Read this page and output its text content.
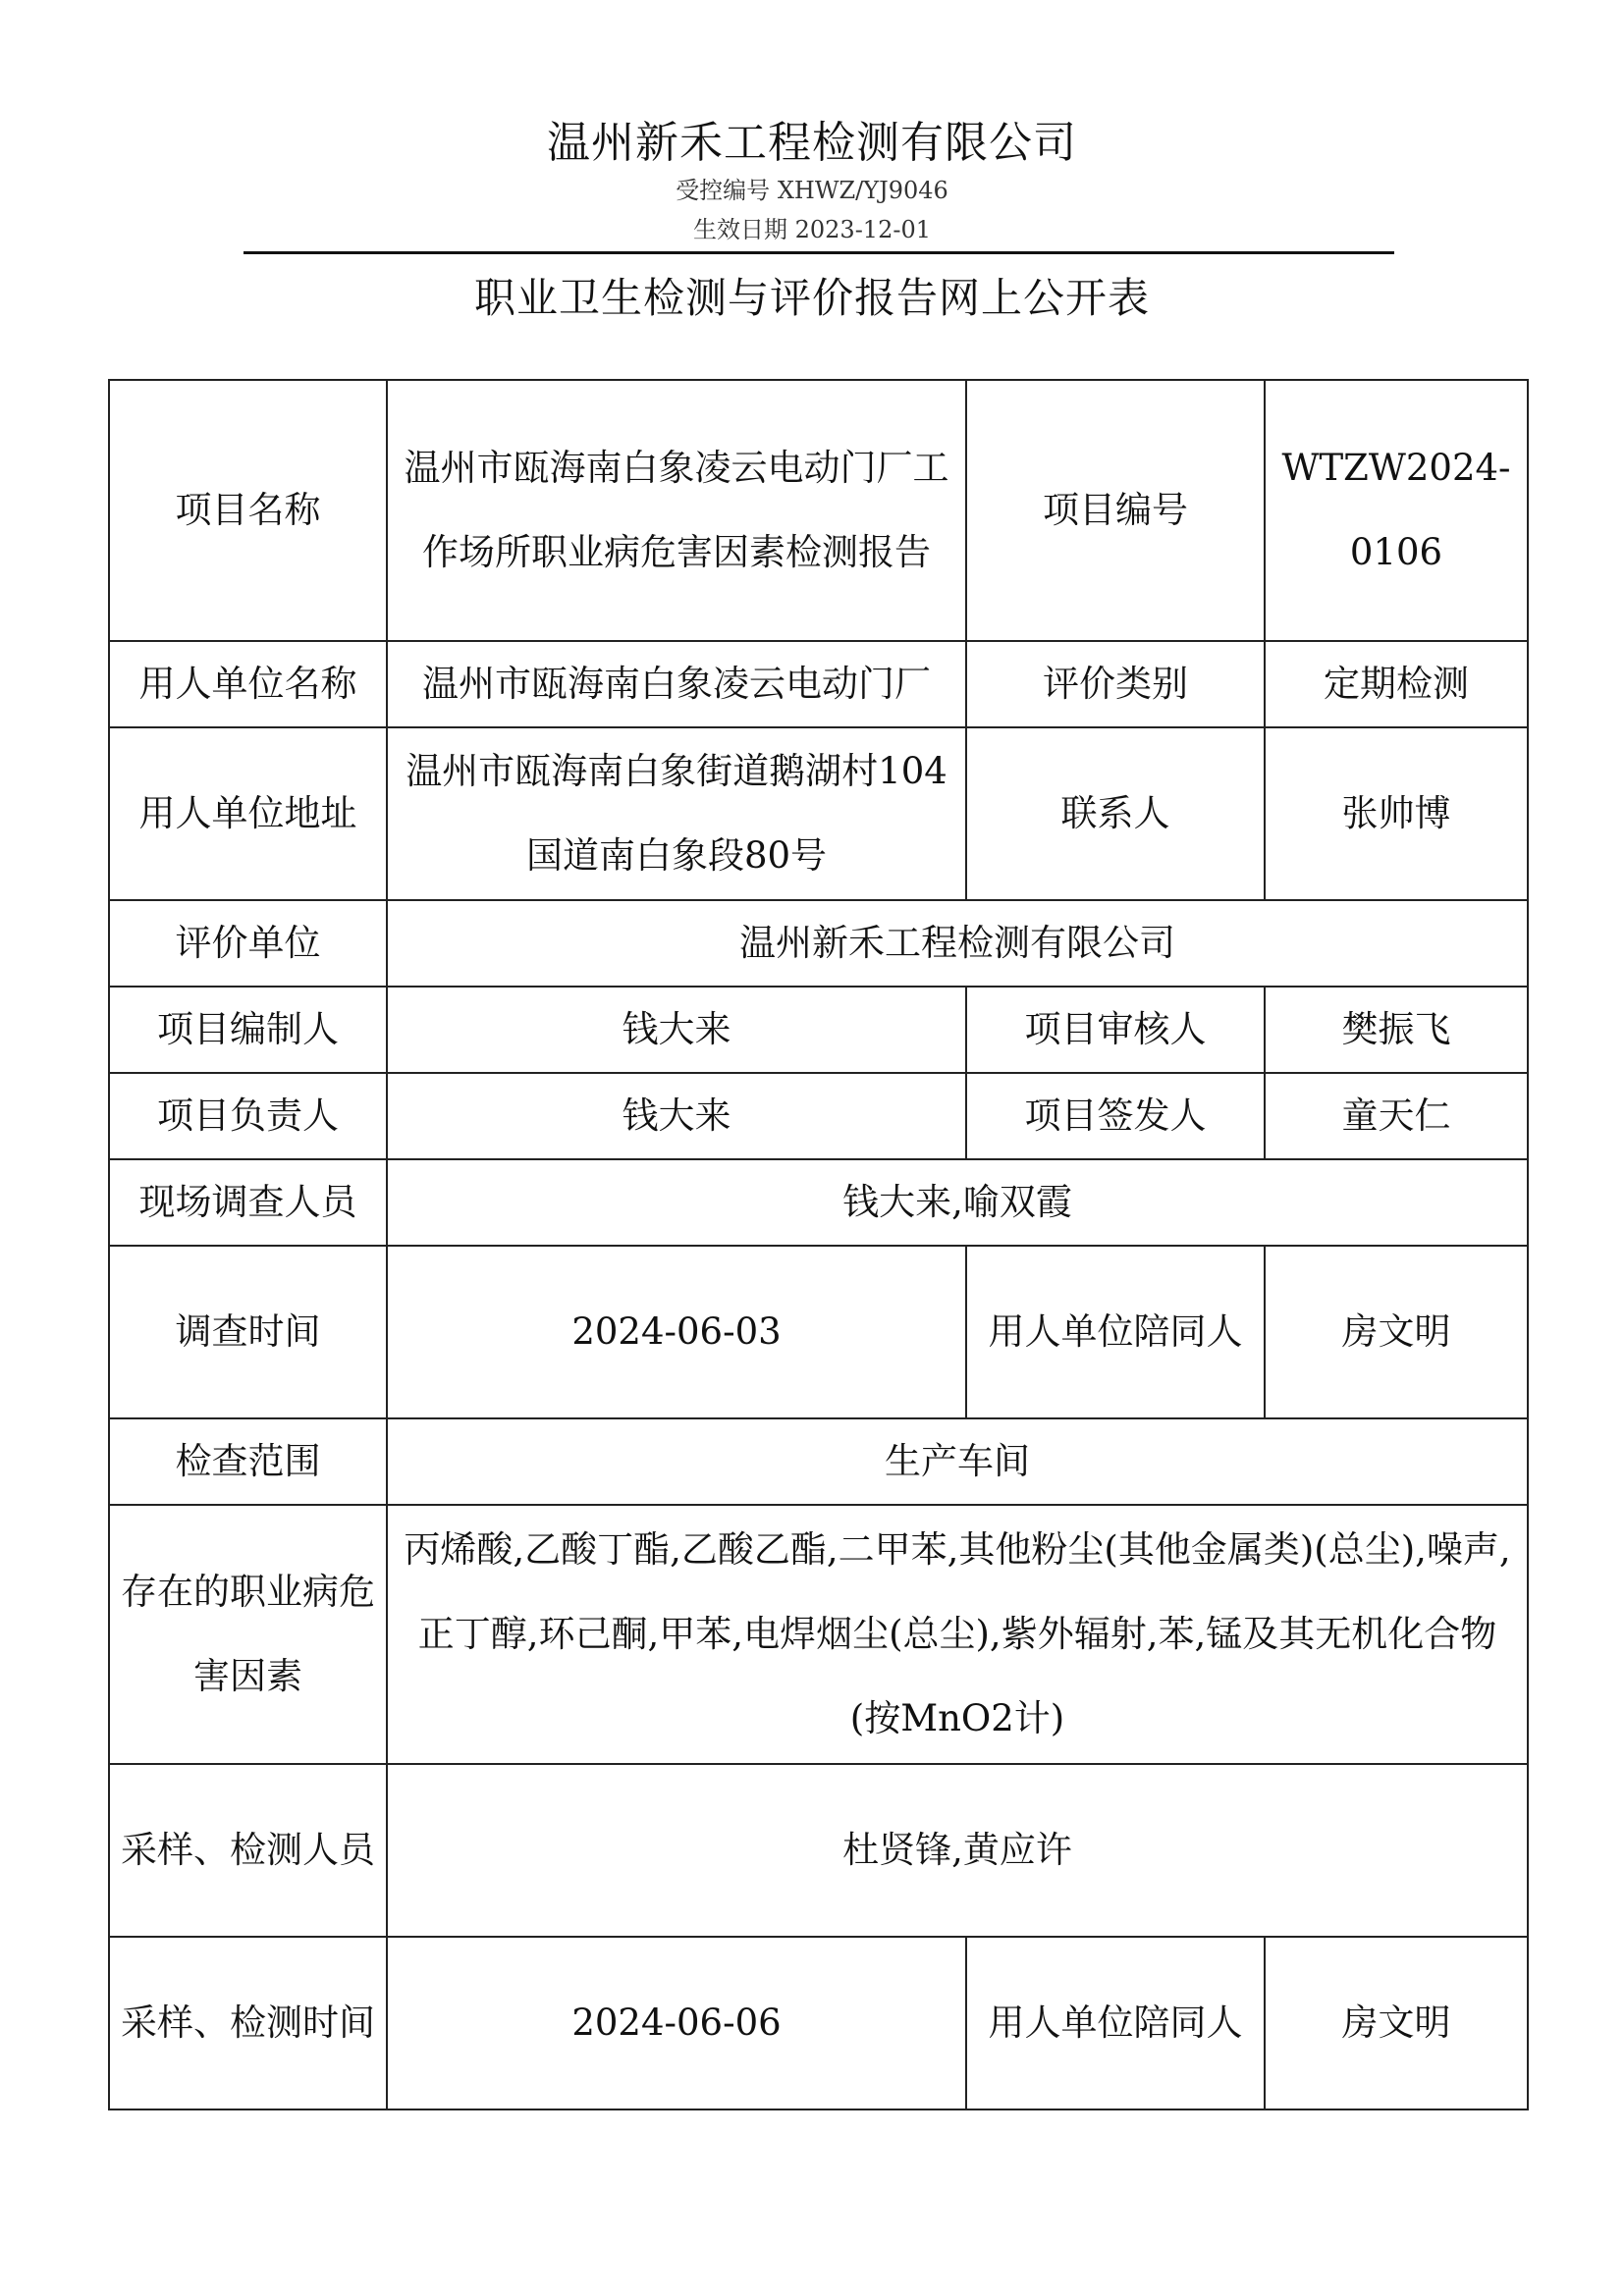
温州新禾工程检测有限公司
受控编号 XHWZ/YJ9046
生效日期 2023-12-01
职业卫生检测与评价报告网上公开表
项目名称	温州市瓯海南白象凌云电动门厂工作场所职业病危害因素检测报告	项目编号	WTZW2024-0106
用人单位名称	温州市瓯海南白象凌云电动门厂	评价类别	定期检测
用人单位地址	温州市瓯海南白象街道鹅湖村104国道南白象段80号	联系人	张帅博
评价单位	温州新禾工程检测有限公司		
项目编制人	钱大来	项目审核人	樊振飞
项目负责人	钱大来	项目签发人	童天仁
现场调查人员	钱大来,喻双霞		
调查时间	2024-06-03	用人单位陪同人	房文明
检查范围	生产车间		
存在的职业病危害因素	丙烯酸,乙酸丁酯,乙酸乙酯,二甲苯,其他粉尘(其他金属类)(总尘),噪声,正丁醇,环己酮,甲苯,电焊烟尘(总尘),紫外辐射,苯,锰及其无机化合物(按MnO2计)		
采样、检测人员	杜贤锋,黄应许		
采样、检测时间	2024-06-06	用人单位陪同人	房文明
